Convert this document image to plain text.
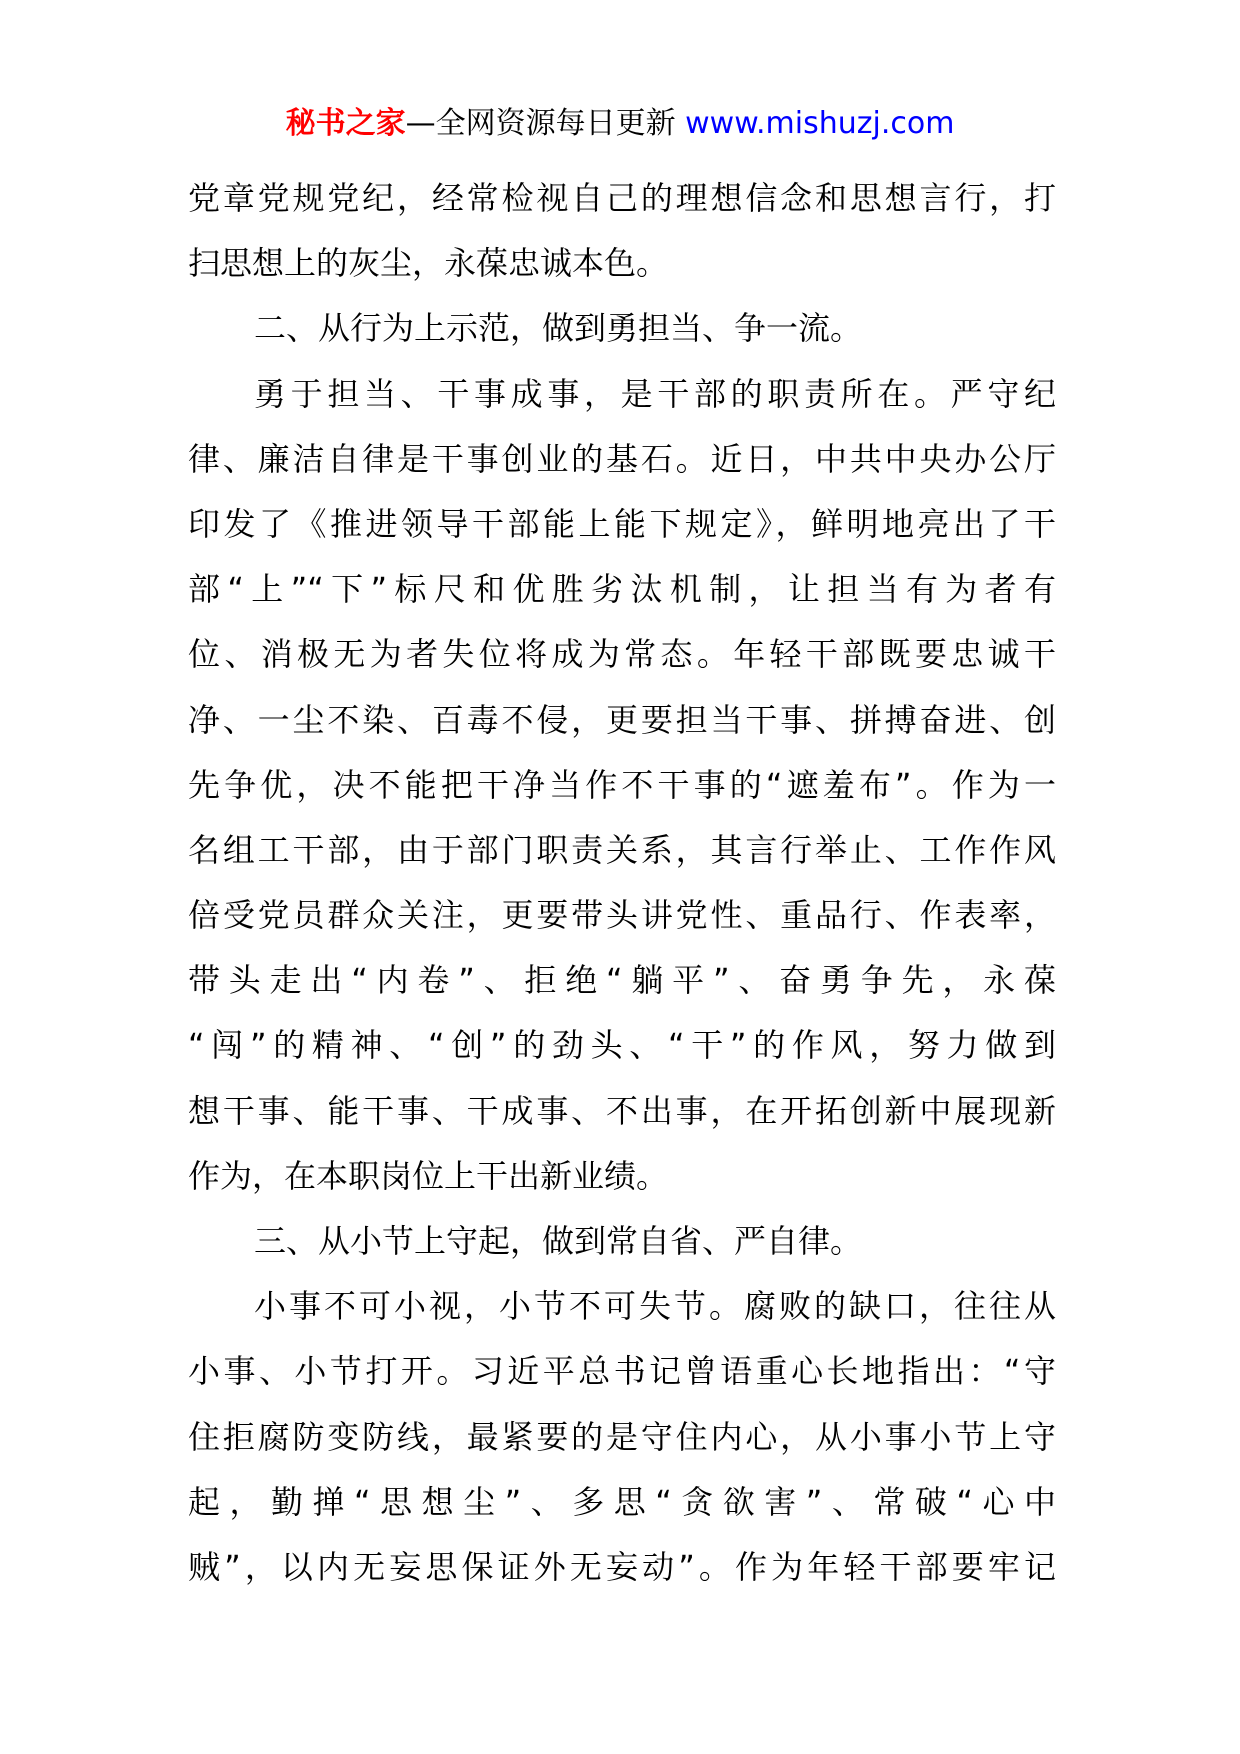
秘书之家—全网资源每日更新 www.mishuzj.com
党章党规党纪，经常检视自己的理想信念和思想言行，打
扫思想上的灰尘，永葆忠诚本色。
二、从行为上示范，做到勇担当、争一流。
勇于担当、干事成事，是干部的职责所在。严守纪
律、廉洁自律是干事创业的基石。近日，中共中央办公厅
印发了《推进领导干部能上能下规定》，鲜明地亮出了干
部“上”“下”标尺和优胜劣汰机制，让担当有为者有
位、消极无为者失位将成为常态。年轻干部既要忠诚干
净、一尘不染、百毒不侵，更要担当干事、拼搏奋进、创
先争优，决不能把干净当作不干事的“遮羞布”。作为一
名组工干部，由于部门职责关系，其言行举止、工作作风
倍受党员群众关注，更要带头讲党性、重品行、作表率，
带头走出“内卷”、拒绝“躺平”、奋勇争先，永葆
“闯”的精神、“创”的劲头、“干”的作风，努力做到
想干事、能干事、干成事、不出事，在开拓创新中展现新
作为，在本职岗位上干出新业绩。
三、从小节上守起，做到常自省、严自律。
小事不可小视，小节不可失节。腐败的缺口，往往从
小事、小节打开。习近平总书记曾语重心长地指出：“守
住拒腐防变防线，最紧要的是守住内心，从小事小节上守
起，勤掸“思想尘”、多思“贪欲害”、常破“心中
贼”，以内无妄思保证外无妄动”。作为年轻干部要牢记
